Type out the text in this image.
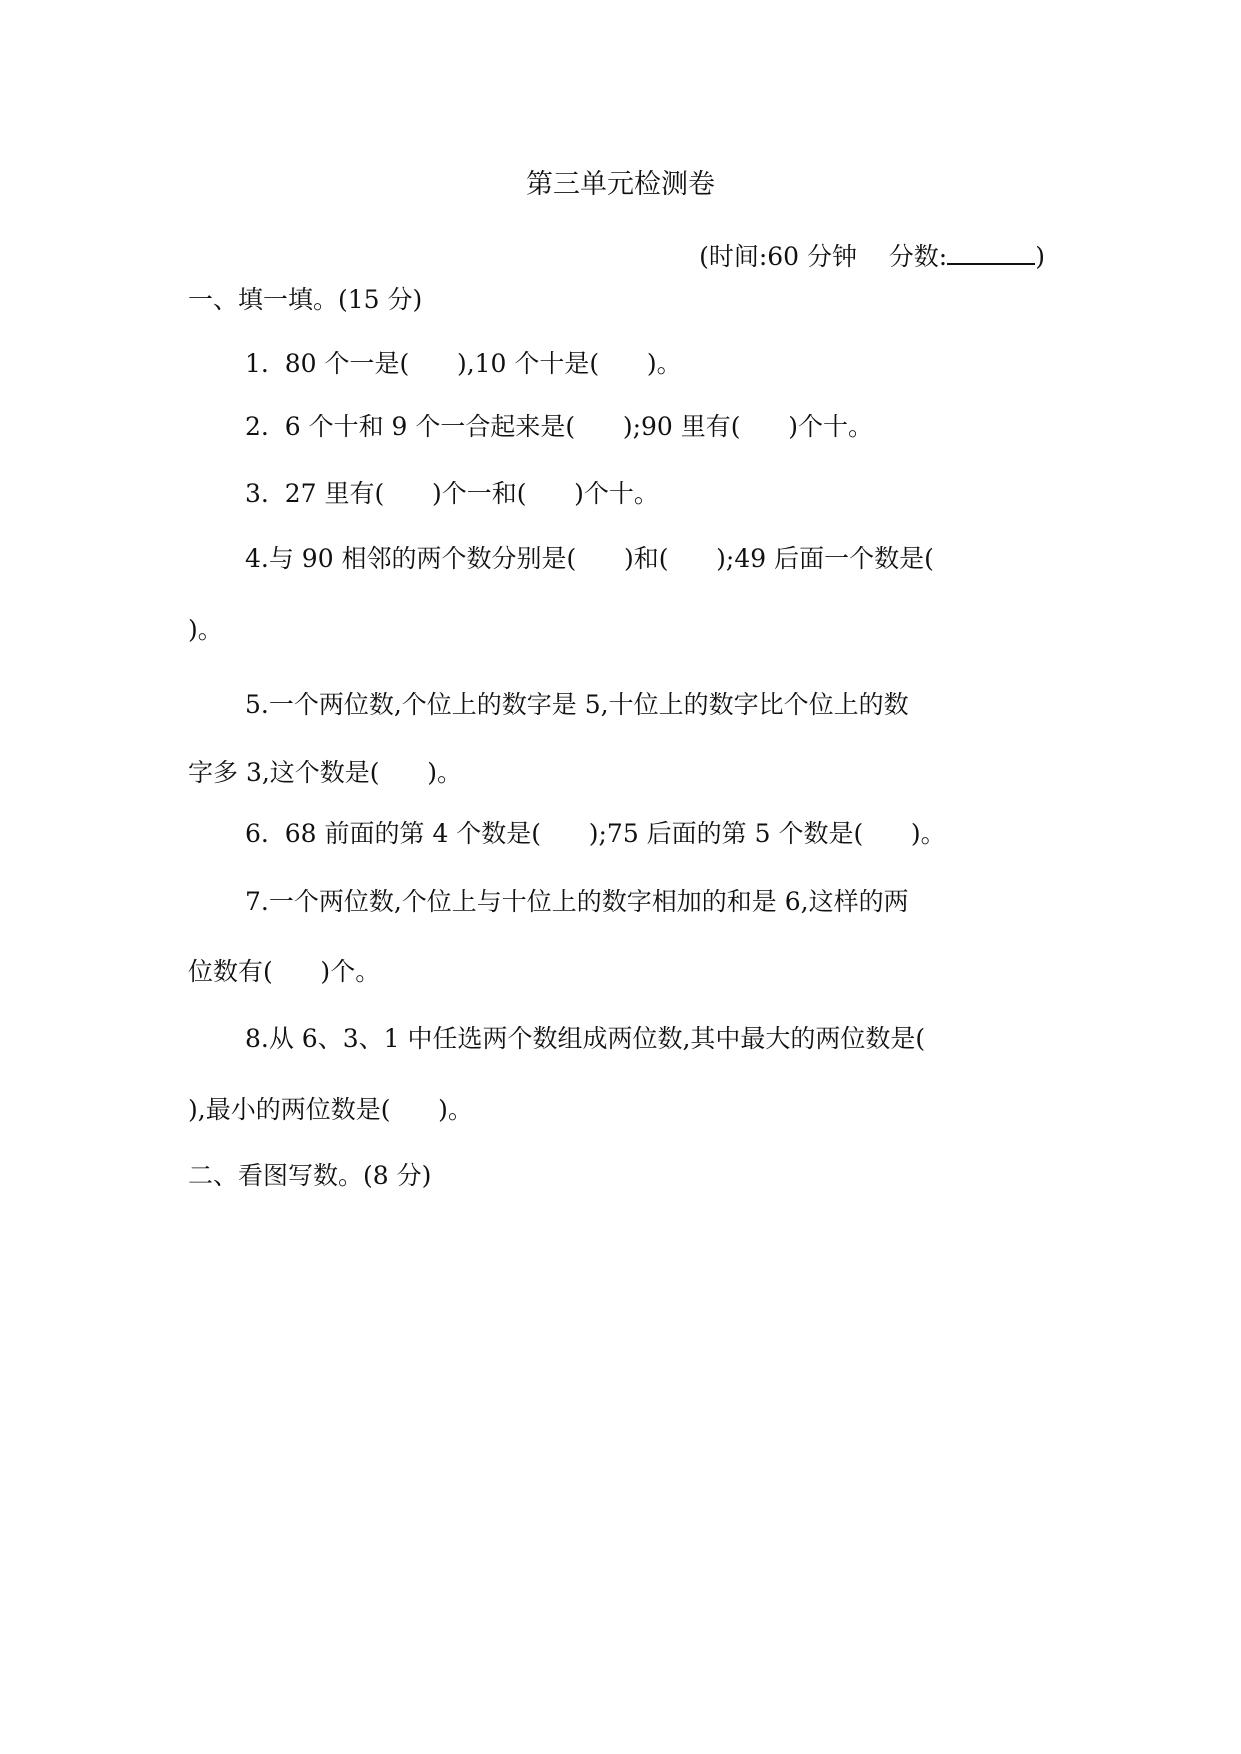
第三单元检测卷
(时间:60 分钟    分数:	)
一、填一填。(15 分)
1.  80 个一是(      ),10 个十是(      )。
2.  6 个十和 9 个一合起来是(      );90 里有(      )个十。
3.  27 里有(      )个一和(      )个十。
4.与 90 相邻的两个数分别是(      )和(      );49 后面一个数是(
)。
5.一个两位数,个位上的数字是 5,十位上的数字比个位上的数
字多 3,这个数是(      )。
6.  68 前面的第 4 个数是(      );75 后面的第 5 个数是(      )。
7.一个两位数,个位上与十位上的数字相加的和是 6,这样的两
位数有(      )个。
8.从 6、3、1 中任选两个数组成两位数,其中最大的两位数是(
),最小的两位数是(      )。
二、看图写数。(8 分)
